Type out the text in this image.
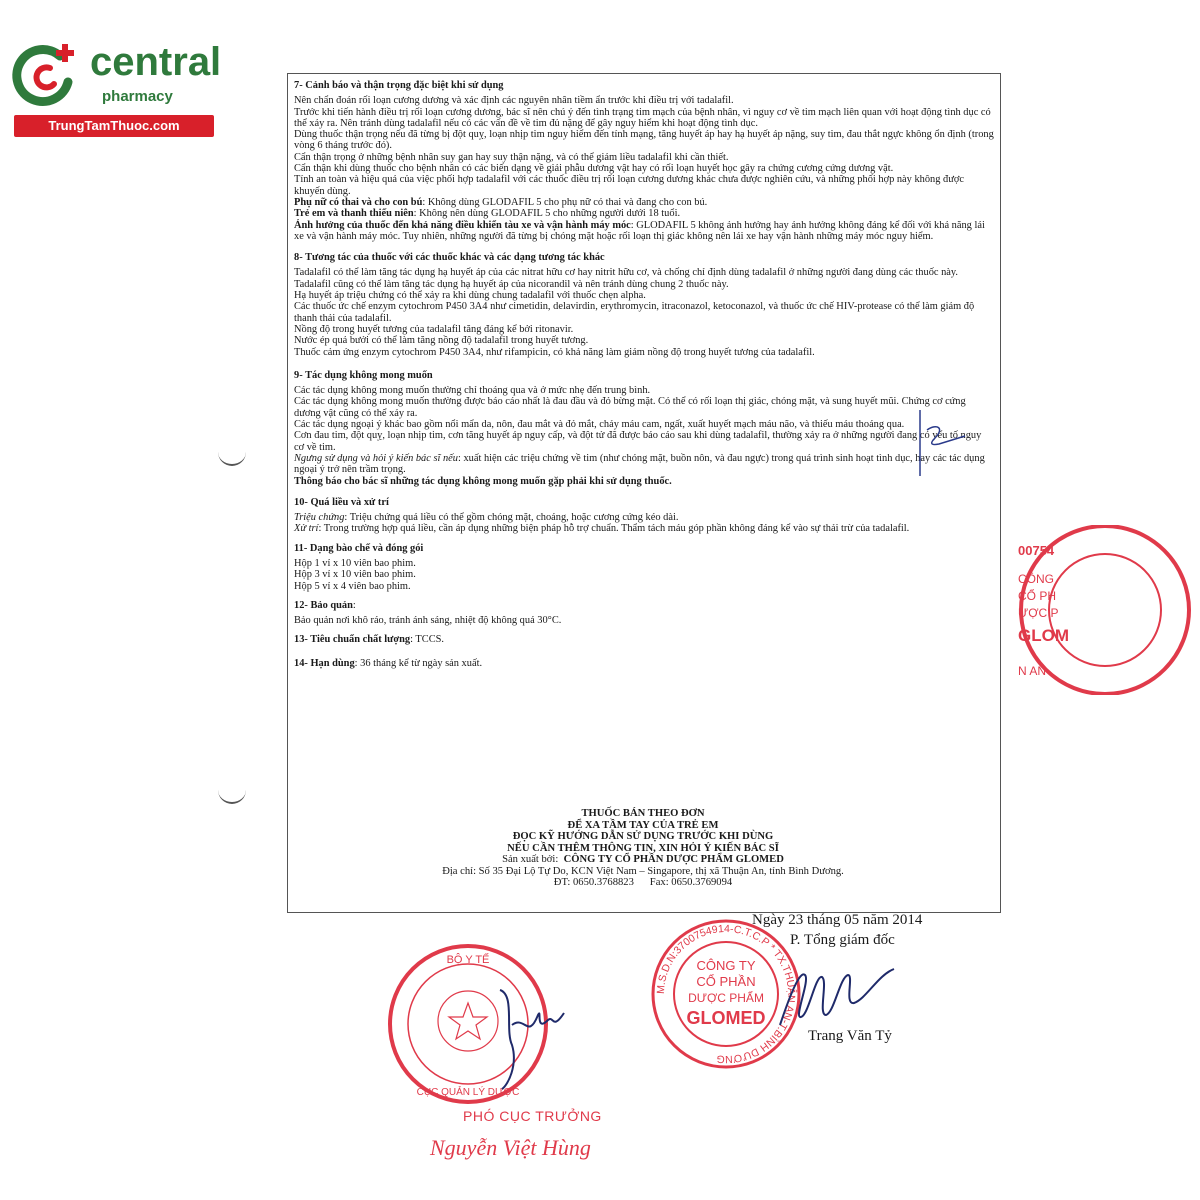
central
pharmacy
TrungTamThuoc.com
7- Cảnh báo và thận trọng đặc biệt khi sử dụng

Nên chẩn đoán rối loạn cương dương và xác định các nguyên nhân tiềm ẩn trước khi điều trị với tadalafil.

Trước khi tiến hành điều trị rối loạn cương dương, bác sĩ nên chú ý đến tình trạng tim mạch của bệnh nhân, vì nguy cơ về tim mạch liên quan với hoạt động tình dục có thể xảy ra. Nên tránh dùng tadalafil nếu có các vấn đề về tim đủ nặng để gây nguy hiểm khi hoạt động tình dục.

Dùng thuốc thận trọng nếu đã từng bị đột quỵ, loạn nhịp tim nguy hiểm đến tính mạng, tăng huyết áp hay hạ huyết áp nặng, suy tim, đau thắt ngực không ổn định (trong vòng 6 tháng trước đó).

Cẩn thận trọng ở những bệnh nhân suy gan hay suy thận nặng, và có thể giảm liều tadalafil khi cần thiết.

Cẩn thận khi dùng thuốc cho bệnh nhân có các biến dạng về giải phẫu dương vật hay có rối loạn huyết học gây ra chứng cương cứng dương vật.

Tính an toàn và hiệu quả của việc phối hợp tadalafil với các thuốc điều trị rối loạn cương dương khác chưa được nghiên cứu, và những phối hợp này không được khuyến dùng.

Phụ nữ có thai và cho con bú: Không dùng GLODAFIL 5 cho phụ nữ có thai và đang cho con bú.

Trẻ em và thanh thiếu niên: Không nên dùng GLODAFIL 5 cho những người dưới 18 tuổi.

Ảnh hưởng của thuốc đến khả năng điều khiển tàu xe và vận hành máy móc: GLODAFIL 5 không ảnh hưởng hay ảnh hưởng không đáng kể đối với khả năng lái xe và vận hành máy móc. Tuy nhiên, những người đã từng bị chóng mặt hoặc rối loạn thị giác không nên lái xe hay vận hành những máy móc nguy hiểm.

8- Tương tác của thuốc với các thuốc khác và các dạng tương tác khác

Tadalafil có thể làm tăng tác dụng hạ huyết áp của các nitrat hữu cơ hay nitrit hữu cơ, và chống chỉ định dùng tadalafil ở những người đang dùng các thuốc này.

Tadalafil cũng có thể làm tăng tác dụng hạ huyết áp của nicorandil và nên tránh dùng chung 2 thuốc này.

Hạ huyết áp triệu chứng có thể xảy ra khi dùng chung tadalafil với thuốc chẹn alpha.

Các thuốc ức chế enzym cytochrom P450 3A4 như cimetidin, delavirdin, erythromycin, itraconazol, ketoconazol, và thuốc ức chế HIV-protease có thể làm giảm độ thanh thải của tadalafil.

Nồng độ trong huyết tương của tadalafil tăng đáng kể bởi ritonavir.

Nước ép quả bưởi có thể làm tăng nồng độ tadalafil trong huyết tương.

Thuốc cảm ứng enzym cytochrom P450 3A4, như rifampicin, có khả năng làm giảm nồng độ trong huyết tương của tadalafil.

9- Tác dụng không mong muốn

Các tác dụng không mong muốn thường chỉ thoáng qua và ở mức nhẹ đến trung bình.

Các tác dụng không mong muốn thường được báo cáo nhất là đau đầu và đỏ bừng mặt. Có thể có rối loạn thị giác, chóng mặt, và sung huyết mũi. Chứng cơ cứng dương vật cũng có thể xảy ra.

Các tác dụng ngoại ý khác bao gồm nổi mẩn da, nôn, đau mắt và đỏ mắt, chảy máu cam, ngất, xuất huyết mạch máu não, và thiếu máu thoáng qua.

Cơn đau tim, đột quỵ, loạn nhịp tim, cơn tăng huyết áp nguy cấp, và đột tử đã được báo cáo sau khi dùng tadalafil, thường xảy ra ở những người đang có yếu tố nguy cơ về tim.

Ngưng sử dụng và hỏi ý kiến bác sĩ nếu: xuất hiện các triệu chứng về tim (như chóng mặt, buồn nôn, và đau ngực) trong quá trình sinh hoạt tình dục, hay các tác dụng ngoại ý trở nên trầm trọng.

Thông báo cho bác sĩ những tác dụng không mong muốn gặp phải khi sử dụng thuốc.

10- Quá liều và xử trí

Triệu chứng: Triệu chứng quá liều có thể gồm chóng mặt, choáng, hoặc cương cứng kéo dài.

Xử trí: Trong trường hợp quá liều, cần áp dụng những biện pháp hỗ trợ chuẩn. Thẩm tách máu góp phần không đáng kể vào sự thải trừ của tadalafil.

11- Dạng bào chế và đóng gói

Hộp 1 vỉ x 10 viên bao phim.

Hộp 3 vỉ x 10 viên bao phim.

Hộp 5 vỉ x 4 viên bao phim.

12- Bảo quản:

Bảo quản nơi khô ráo, tránh ánh sáng, nhiệt độ không quá 30°C.

13- Tiêu chuẩn chất lượng: TCCS.
14- Hạn dùng: 36 tháng kể từ ngày sản xuất.
THUỐC BÁN THEO ĐƠN
ĐỂ XA TẦM TAY CỦA TRẺ EM
ĐỌC KỸ HƯỚNG DẪN SỬ DỤNG TRƯỚC KHI DÙNG
NẾU CẦN THÊM THÔNG TIN, XIN HỎI Ý KIẾN BÁC SĨ
Sản xuất bởi: CÔNG TY CỔ PHẦN DƯỢC PHẨM GLOMED
Địa chỉ: Số 35 Đại Lộ Tự Do, KCN Việt Nam – Singapore, thị xã Thuận An, tỉnh Bình Dương.
ĐT: 0650.3768823 Fax: 0650.3769094
00754
CÔNG
CỔ PH
ƯỢC P
GLOM
N AN
Ngày 23 tháng 05 năm 2014
P. Tổng giám đốc
BỘ Y TẾ
CỤC QUẢN LÝ DƯỢC
M.S.D.N:3700754914-C.T.C.P * TX.THUẬN AN-T.BÌNH DƯƠNG
CÔNG TY
CỔ PHẦN
DƯỢC PHẨM
GLOMED
Trang Văn Tỷ
PHÓ CỤC TRƯỞNG
Nguyễn Việt Hùng
